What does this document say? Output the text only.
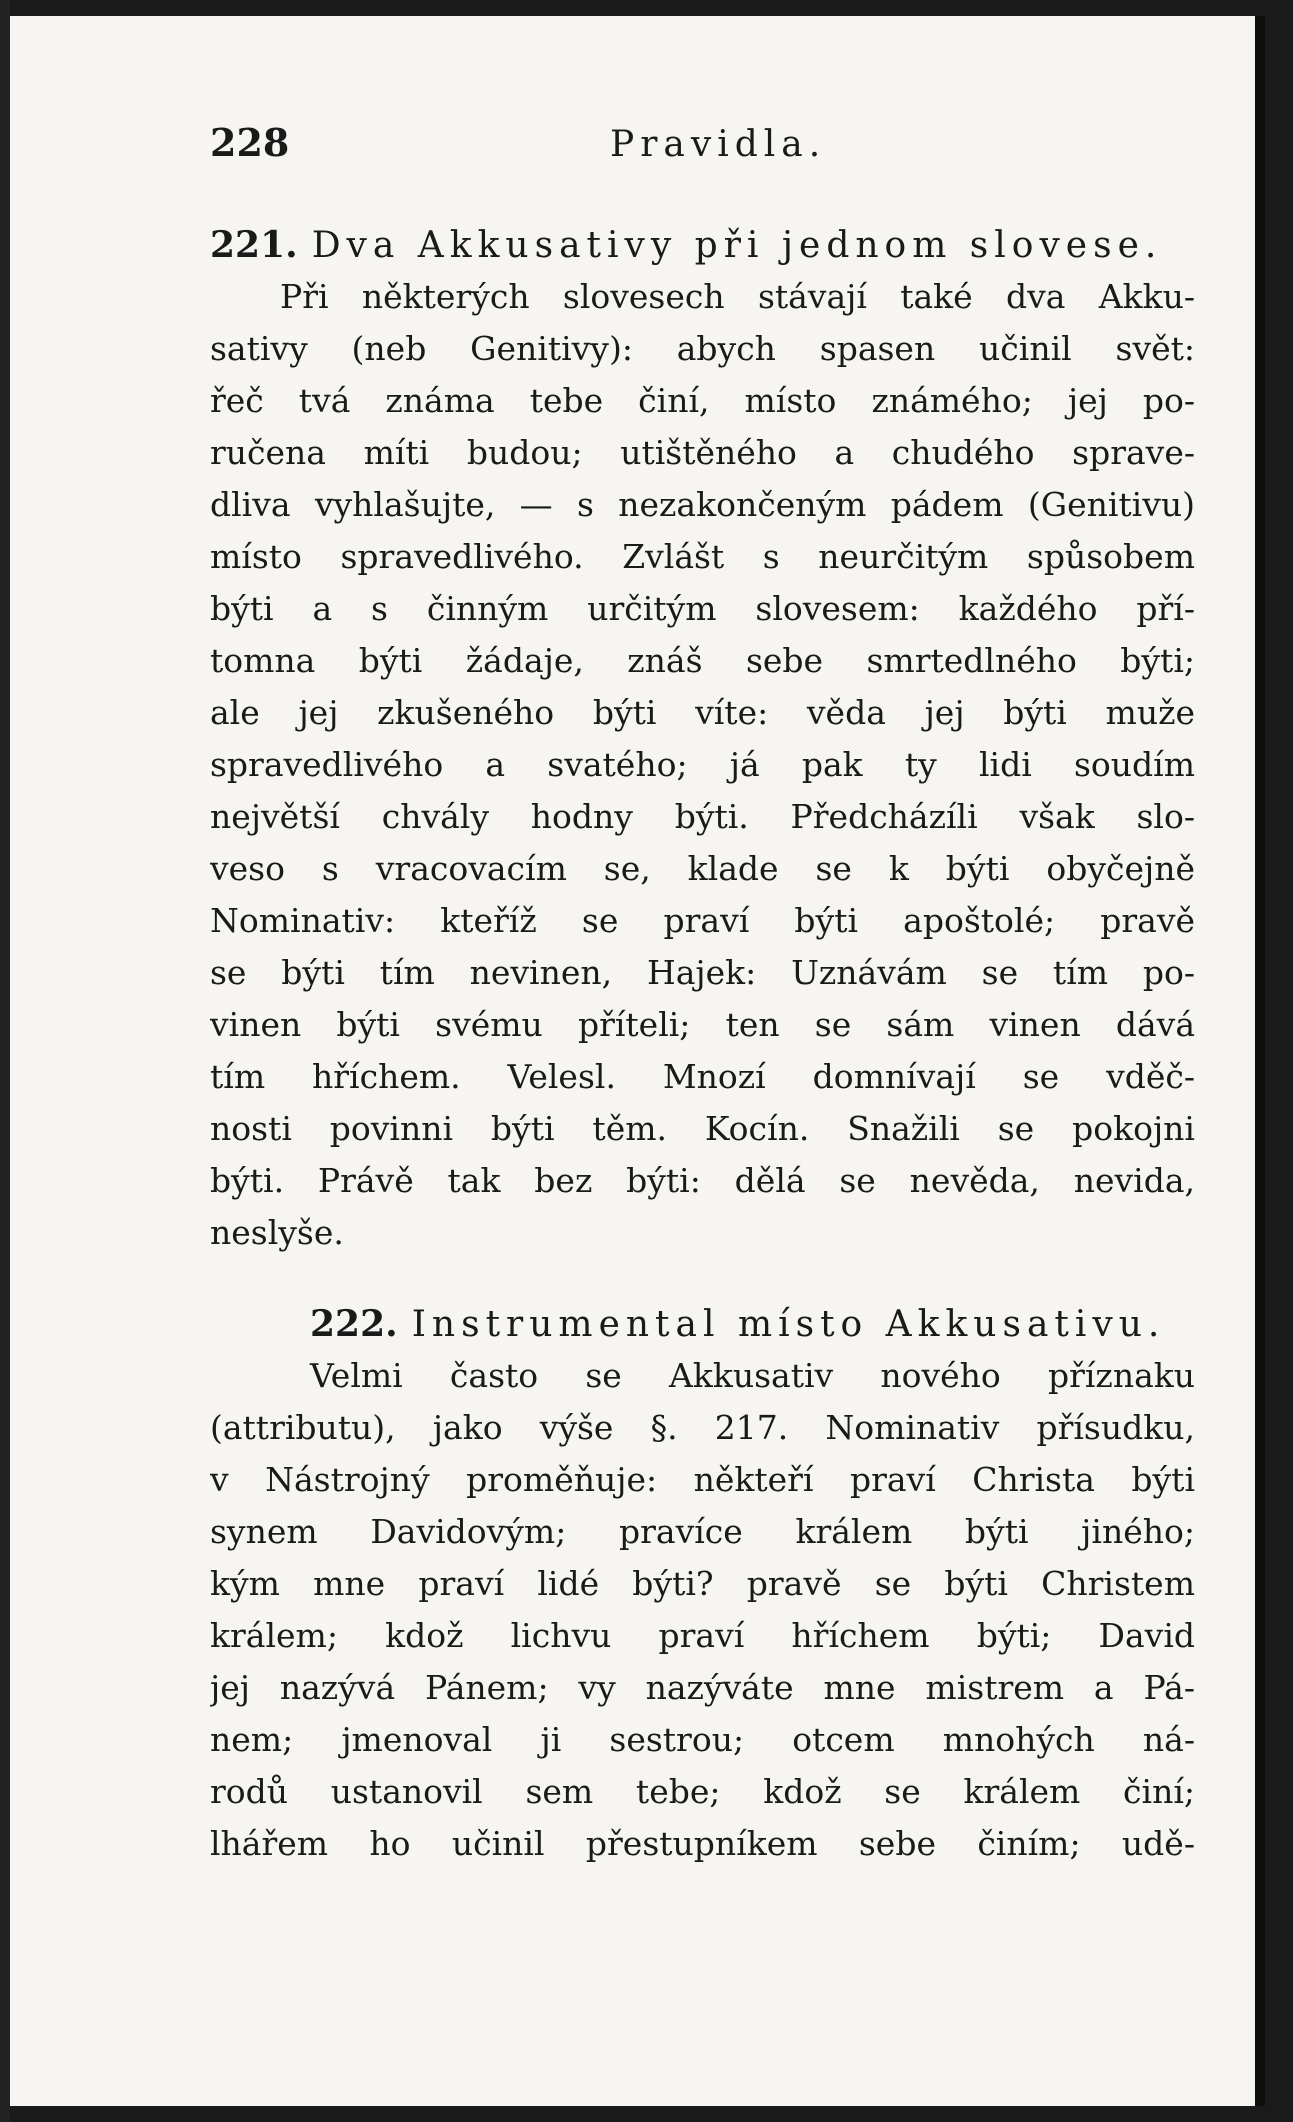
228	Pravidla.
221. Dva Akkusativy při jednom slovese.
Při některých slovesech stávají také dva Akku-
sativy (neb Genitivy): abych spasen učinil svět:
řeč tvá známa tebe činí, místo známého; jej po-
ručena míti budou; utištěného a chudého sprave-
dliva vyhlašujte, — s nezakončeným pádem (Genitivu)
místo spravedlivého. Zvlášt s neurčitým spůsobem
býti a s činným určitým slovesem: každého pří-
tomna býti žádaje, znáš sebe smrtedlného býti;
ale jej zkušeného býti víte: věda jej býti muže
spravedlivého a svatého; já pak ty lidi soudím
největší chvály hodny býti. Předcházíli však slo-
veso s vracovacím se, klade se k býti obyčejně
Nominativ: kteříž se praví býti apoštolé; pravě
se býti tím nevinen, Hajek: Uznávám se tím po-
vinen býti svému příteli; ten se sám vinen dává
tím hříchem. Velesl. Mnozí domnívají se vděč-
nosti povinni býti těm. Kocín. Snažili se pokojni
býti. Právě tak bez býti: dělá se nevěda, nevida,
neslyše.
222. Instrumental místo Akkusativu.
Velmi často se Akkusativ nového příznaku
(attributu), jako výše §. 217. Nominativ přísudku,
v Nástrojný proměňuje: někteří praví Christa býti
synem Davidovým; pravíce králem býti jiného;
kým mne praví lidé býti? pravě se býti Christem
králem; kdož lichvu praví hříchem býti; David
jej nazývá Pánem; vy nazýváte mne mistrem a Pá-
nem; jmenoval ji sestrou; otcem mnohých ná-
rodů ustanovil sem tebe; kdož se králem činí;
lhářem ho učinil přestupníkem sebe činím; udě-
